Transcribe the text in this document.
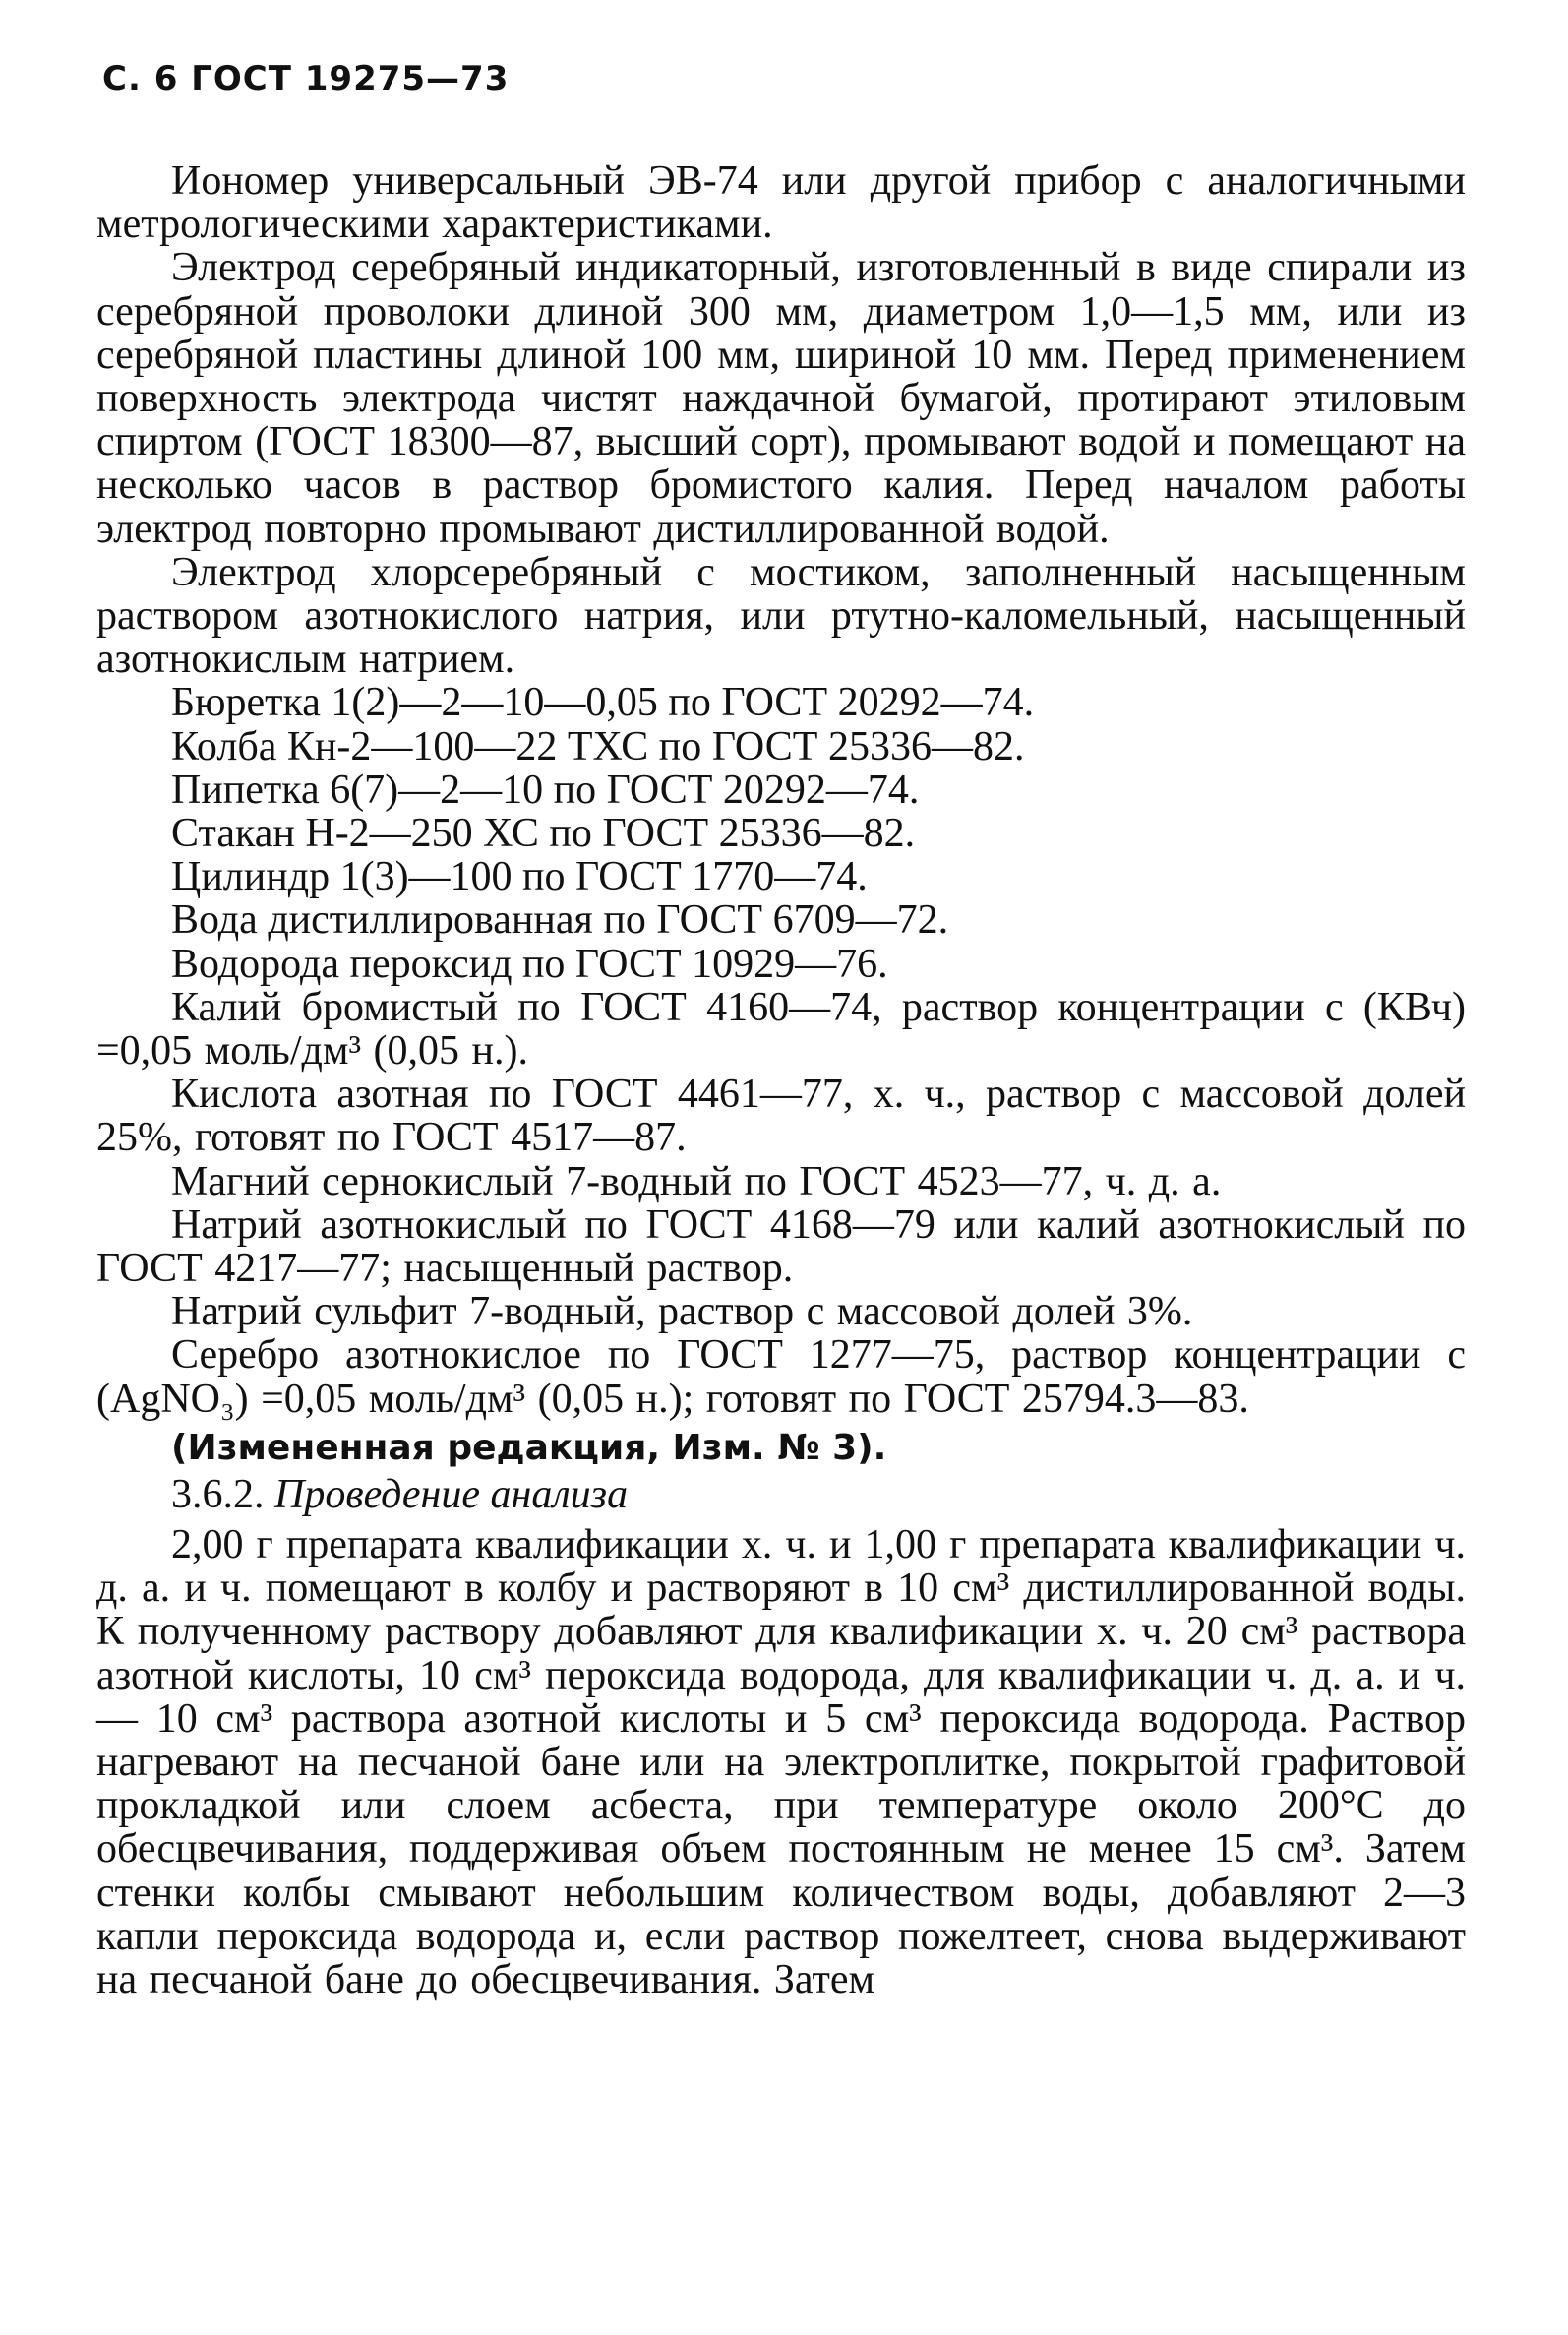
С. 6 ГОСТ 19275—73

Иономер универсальный ЭВ-74 или другой прибор с аналогичными метрологическими характеристиками.

Электрод серебряный индикаторный, изготовленный в виде спирали из серебряной проволоки длиной 300 мм, диаметром 1,0—1,5 мм, или из серебряной пластины длиной 100 мм, шириной 10 мм. Перед применением поверхность электрода чистят наждачной бумагой, протирают этиловым спиртом (ГОСТ 18300—87, высший сорт), промывают водой и помещают на несколько часов в раствор бромистого калия. Перед началом работы электрод повторно промывают дистиллированной водой.

Электрод хлорсеребряный с мостиком, заполненный насыщенным раствором азотнокислого натрия, или ртутно-каломельный, насыщенный азотнокислым натрием.

Бюретка 1(2)—2—10—0,05 по ГОСТ 20292—74.

Колба Кн-2—100—22 ТХС по ГОСТ 25336—82.

Пипетка 6(7)—2—10 по ГОСТ 20292—74.

Стакан Н-2—250 ХС по ГОСТ 25336—82.

Цилиндр 1(3)—100 по ГОСТ 1770—74.

Вода дистиллированная по ГОСТ 6709—72.

Водорода пероксид по ГОСТ 10929—76.

Калий бромистый по ГОСТ 4160—74, раствор концентрации с (КВч) =0,05 моль/дм³ (0,05 н.).

Кислота азотная по ГОСТ 4461—77, х. ч., раствор с массовой долей 25%, готовят по ГОСТ 4517—87.

Магний сернокислый 7-водный по ГОСТ 4523—77, ч. д. а.

Натрий азотнокислый по ГОСТ 4168—79 или калий азотнокислый по ГОСТ 4217—77; насыщенный раствор.

Натрий сульфит 7-водный, раствор с массовой долей 3%.

Серебро азотнокислое по ГОСТ 1277—75, раствор концентрации с (AgNO₃) =0,05 моль/дм³ (0,05 н.); готовят по ГОСТ 25794.3—83.

(Измененная редакция, Изм. № 3).

3.6.2. Проведение анализа

2,00 г препарата квалификации х. ч. и 1,00 г препарата квалификации ч. д. а. и ч. помещают в колбу и растворяют в 10 см³ дистиллированной воды. К полученному раствору добавляют для квалификации х. ч. 20 см³ раствора азотной кислоты, 10 см³ пероксида водорода, для квалификации ч. д. а. и ч. — 10 см³ раствора азотной кислоты и 5 см³ пероксида водорода. Раствор нагревают на песчаной бане или на электроплитке, покрытой графитовой прокладкой или слоем асбеста, при температуре около 200°С до обесцвечивания, поддерживая объем постоянным не менее 15 см³. Затем стенки колбы смывают небольшим количеством воды, добавляют 2—3 капли пероксида водорода и, если раствор пожелтеет, снова выдерживают на песчаной бане до обесцвечивания. Затем
